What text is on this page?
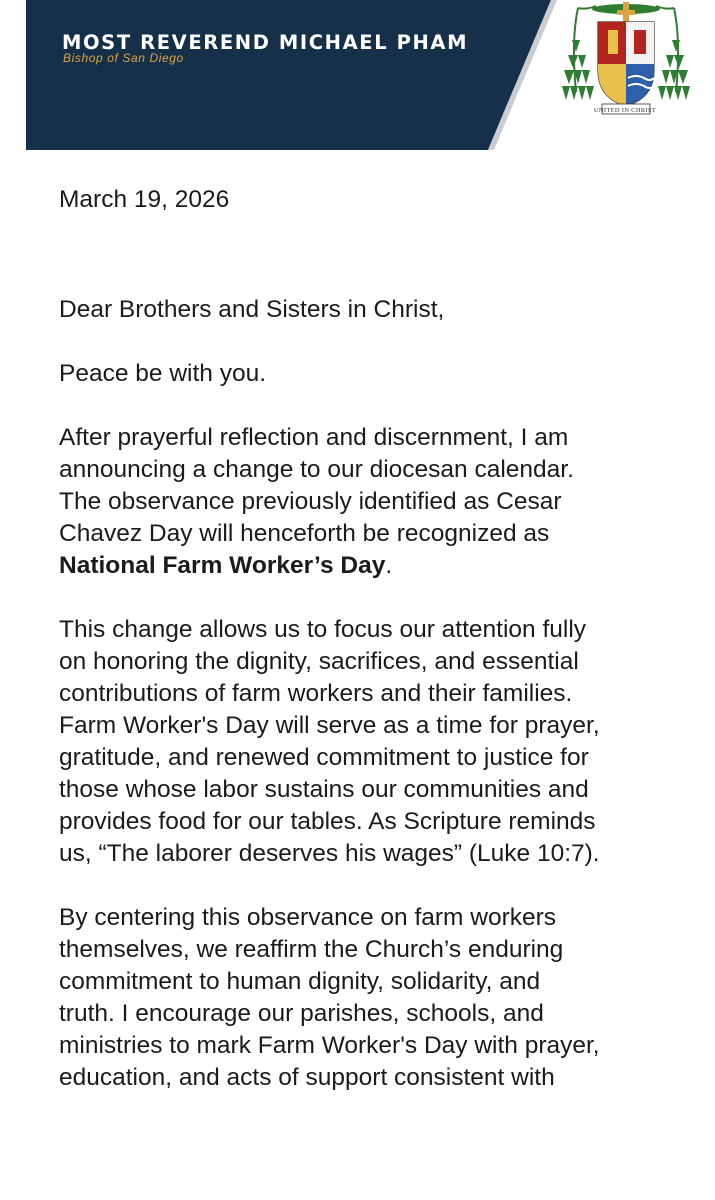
MOST REVEREND MICHAEL PHAM
Bishop of San Diego
UNITED IN CHRIST

March 19, 2026

Dear Brothers and Sisters in Christ,

Peace be with you.

After prayerful reflection and discernment, I am
announcing a change to our diocesan calendar.
The observance previously identified as Cesar
Chavez Day will henceforth be recognized as
National Farm Worker’s Day.

This change allows us to focus our attention fully
on honoring the dignity, sacrifices, and essential
contributions of farm workers and their families.
Farm Worker's Day will serve as a time for prayer,
gratitude, and renewed commitment to justice for
those whose labor sustains our communities and
provides food for our tables. As Scripture reminds
us, “The laborer deserves his wages” (Luke 10:7).

By centering this observance on farm workers
themselves, we reaffirm the Church’s enduring
commitment to human dignity, solidarity, and
truth. I encourage our parishes, schools, and
ministries to mark Farm Worker's Day with prayer,
education, and acts of support consistent with
